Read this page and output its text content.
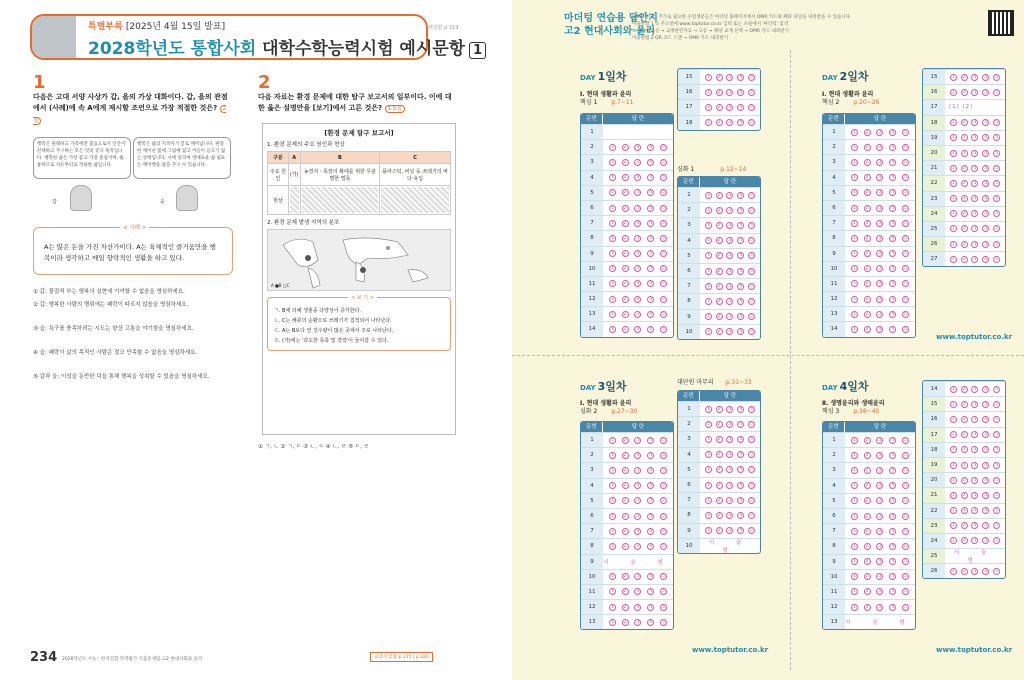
특별부록 [2025년 4월 15일 발표]
2028학년도 통합사회 대학수학능력시험 예시문항 1
해설편 p.319
1
다음은 고대 서양 사상가 갑, 을의 가상 대화이다. 갑, 을의 관점에서 (사례)에 속 A에게 제시할 조언으로 가장 적절한 것은? 2점
행복은 원래하고 가족에만 좋음으로서 인간이 선택하고 추구하는 모든 것의 궁극 목적입니다. 행복한 삶은 가장 좋고 가장 즐겁거며, 훌륭하므로 자유부터로 작용한 삶입니다.
행복은 삶의 지적이거 끌로 깨어납니다. 편형한 깨어난 몸에 그림에 없고 이들이 들으기 없는 상태입니다. 시에 걸리며 영에로운 삶 필요는 깨어행을 삶을 추구 수 있습니다.
갑	을
< 사례 >
A는 많은 돈을 가진 자산가이다. A는 육체적인 즐거움만을 행복이라 생각하고 매일 향락적인 생활을 하고 있다.
① 갑: 물질적 부는 행복의 실현에 기여할 수 없음을 명심하세요.
② 갑: 행복한 사람의 행위에는 쾌락이 따르지 않음을 명심하세요.
③ 을: 욕구를 충족하려는 시도는 항상 고통을 야기함을 명심하세요.
④ 을: 쾌락이 삶의 목적인 사람은 결코 만족할 수 없음을 명심하세요.
⑤ 갑과 을: 이성을 동반한 덕을 통해 행복을 성취할 수 있음을 명심하세요.
2
다음 자료는 환경 문제에 대한 탐구 보고서의 일부이다. 이에 대한 옳은 설명만을 [보기]에서 고른 것은? 1.5점
[환경 문제 탐구 보고서]
1. 환경 문제의 주요 원인과 현상
구분	A	B	C
주요 원인	(가)	농경지ㆍ목장의 확대를 위한 무분별한 벌목	플라스틱, 비닐 등 쓰레기의 바다 유입
현상	

2. 환경 문제 발생 지역의 분포
A ■B □C
< 보 기 >
ㄱ. B에 의해 생물종 다양성이 증가한다.
ㄴ. C는 해류의 순환으로 쓰레기가 집적되어 나타난다.
ㄷ. A는 B보다 연 강수량이 많은 곳에서 주로 나타난다.
ㄹ. (가)에는 '과도한 목축 및 경작'이 들어갈 수 있다.
① ㄱ, ㄴ ② ㄱ, ㄷ ③ ㄴ, ㄷ ④ ㄴ, ㄹ ⑤ ㄷ, ㄹ
234 2028학년도 수능 · 한국연합 학력평가 기출문제집 고2 현대사회와 윤리	교과서 맞춤 p.315 | p.320
마더텅 연습용 답안지
고2 현대사회와 윤리
OMR 카드가 추가로 필요한 수험생분들은 마더텅 홈페이지에서 OMR 카드와 PDF 파일을 내려받을 수 있습니다.
이용방법 1 ① 주소창에 www.toptutor.co.kr 입력 또는 포털에서 '마더텅' 검색
② 학습자료실 → 교재관련자료 → 고등 → 해당 교재 선택 → OMR 카드 내려받기
이용방법 2 QR 코드 스캔 → OMR 카드 내려받기
DAY 1일차
Ⅰ. 현대 생활과 윤리
핵심 1 p.7~11
문번	답 란
1
2	1	2	3	4	5
3	1	2	3	4	5
4	1	2	3	4	5
5	1	2	3	4	5
6	1	2	3	4	5
7	1	2	3	4	5
8	1	2	3	4	5
9	1	2	3	4	5
10	1	2	3	4	5
11	1	2	3	4	5
12	1	2	3	4	5
13	1	2	3	4	5
14	1	2	3	4	5
15	1	2	3	4	5
16	1	2	3	4	5
17	1	2	3	4	5
18	1	2	3	4	5
심화 1	p.12~14
문번	답 란
1	1	2	3	4	5
2	1	2	3	4	5
3	1	2	3	4	5
4	1	2	3	4	5
5	1	2	3	4	5
6	1	2	3	4	5
7	1	2	3	4	5
8	1	2	3	4	5
9	1	2	3	4	5
10	1	2	3	4	5
DAY 2일차
Ⅰ. 현대 생활과 윤리
핵심 2 p.20~26
문번	답 란
1	1	2	3	4	5
2	1	2	3	4	5
3	1	2	3	4	5
4	1	2	3	4	5
5	1	2	3	4	5
6	1	2	3	4	5
7	1	2	3	4	5
8	1	2	3	4	5
9	1	2	3	4	5
10	1	2	3	4	5
11	1	2	3	4	5
12	1	2	3	4	5
13	1	2	3	4	5
14	1	2	3	4	5
15	1	2	3	4	5
16	1	2	3	4	5
17	(1) (2)
18	1	2	3	4	5
19	1	2	3	4	5
20	1	2	3	4	5
21	1	2	3	4	5
22	1	2	3	4	5
23	1	2	3	4	5
24	1	2	3	4	5
25	1	2	3	4	5
26	1	2	3	4	5
27	1	2	3	4	5
www.toptutor.co.kr
DAY 3일차
Ⅰ. 현대 생활과 윤리
심화 2 p.27~30
문번	답 란
1	1	2	3	4	5
2	1	2	3	4	5
3	1	2	3	4	5
4	1	2	3	4	5
5	1	2	3	4	5
6	1	2	3	4	5
7	1	2	3	4	5
8	1	2	3	4	5
9	서 술 형
10	1	2	3	4	5
11	1	2	3	4	5
12	1	2	3	4	5
13	1	2	3	4	5
대단원 마무리 p.31~33
문번	답 란
1	1	2	3	4	5
2	1	2	3	4	5
3	1	2	3	4	5
4	1	2	3	4	5
5	1	2	3	4	5
6	1	2	3	4	5
7	1	2	3	4	5
8	1	2	3	4	5
9	1	2	3	4	5
10	서 술 형
www.toptutor.co.kr
DAY 4일차
Ⅱ. 생명윤리와 생태윤리
핵심 3 p.38~45
문번	답 란
1	1	2	3	4	5
2	1	2	3	4	5
3	1	2	3	4	5
4	1	2	3	4	5
5	1	2	3	4	5
6	1	2	3	4	5
7	1	2	3	4	5
8	1	2	3	4	5
9	1	2	3	4	5
10	1	2	3	4	5
11	1	2	3	4	5
12	1	2	3	4	5
13	서 술 형
14	1	2	3	4	5
15	1	2	3	4	5
16	1	2	3	4	5
17	1	2	3	4	5
18	1	2	3	4	5
19	1	2	3	4	5
20	1	2	3	4	5
21	1	2	3	4	5
22	1	2	3	4	5
23	1	2	3	4	5
24	1	2	3	4	5
25	서 술 형
26	1	2	3	4	5
www.toptutor.co.kr
